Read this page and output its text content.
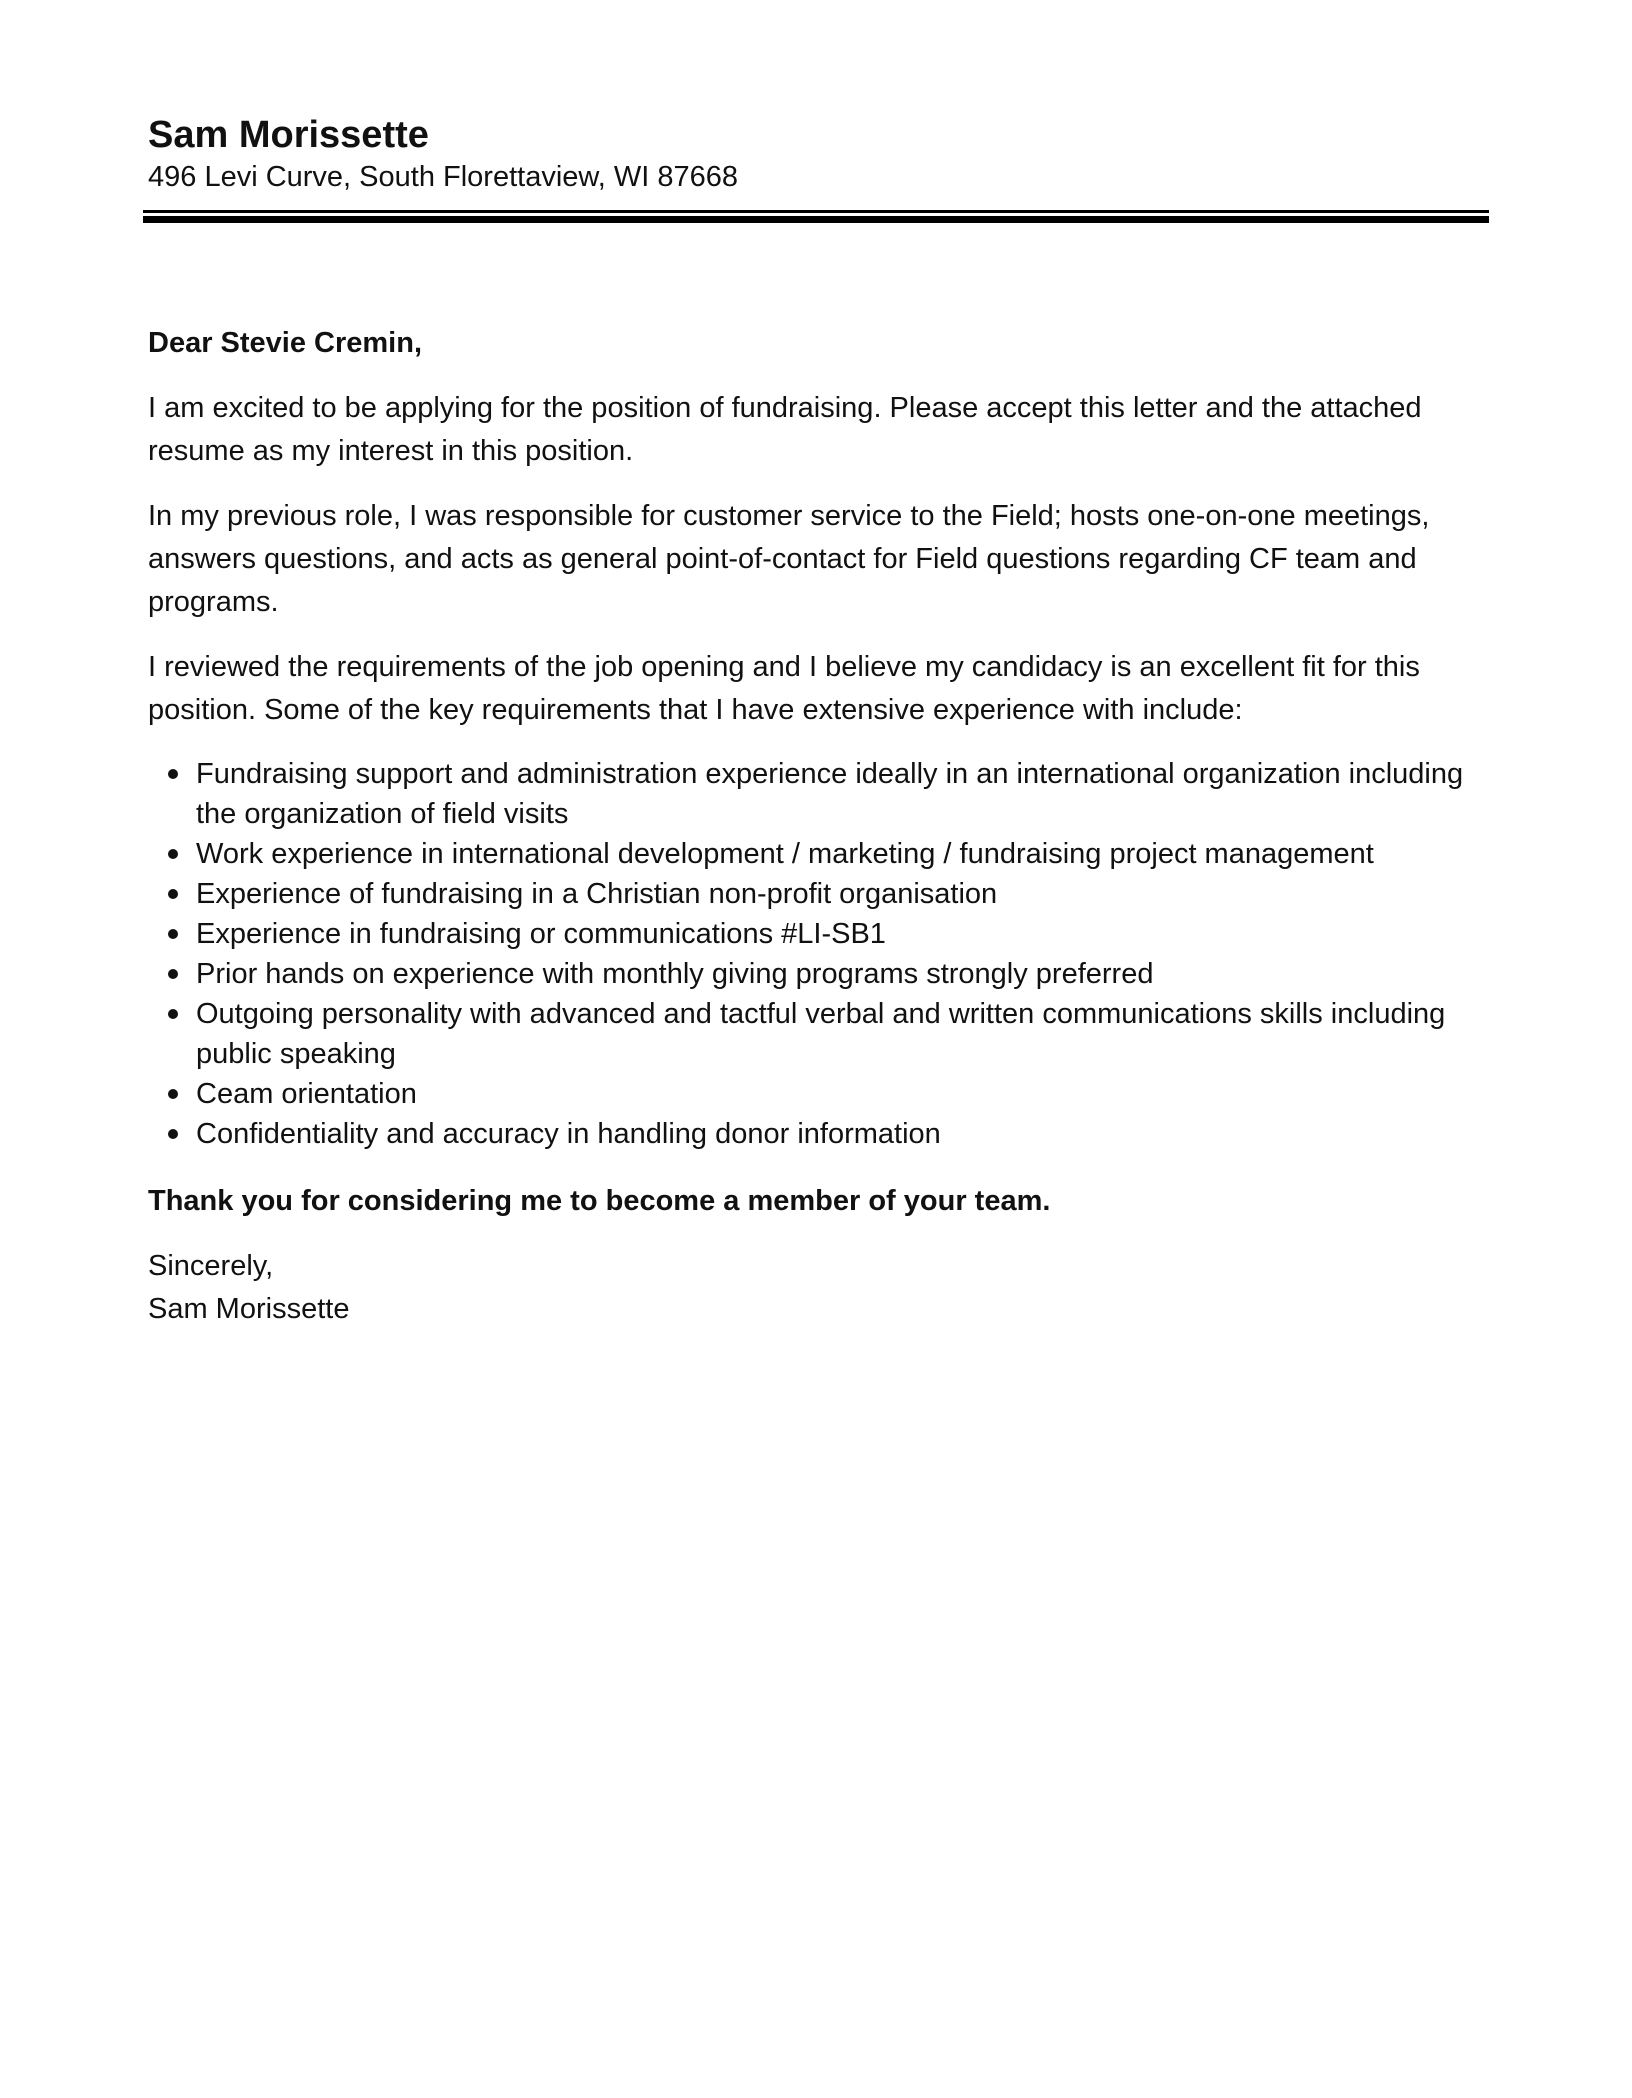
Sam Morissette

496 Levi Curve, South Florettaview, WI 87668

Dear Stevie Cremin,

I am excited to be applying for the position of fundraising. Please accept this letter and the attached resume as my interest in this position.

In my previous role, I was responsible for customer service to the Field; hosts one-on-one meetings, answers questions, and acts as general point-of-contact for Field questions regarding CF team and programs.

I reviewed the requirements of the job opening and I believe my candidacy is an excellent fit for this position. Some of the key requirements that I have extensive experience with include:

Fundraising support and administration experience ideally in an international organization including the organization of field visits
Work experience in international development / marketing / fundraising project management
Experience of fundraising in a Christian non-profit organisation
Experience in fundraising or communications #LI-SB1
Prior hands on experience with monthly giving programs strongly preferred
Outgoing personality with advanced and tactful verbal and written communications skills including public speaking
Ceam orientation
Confidentiality and accuracy in handling donor information

Thank you for considering me to become a member of your team.

Sincerely,

Sam Morissette
